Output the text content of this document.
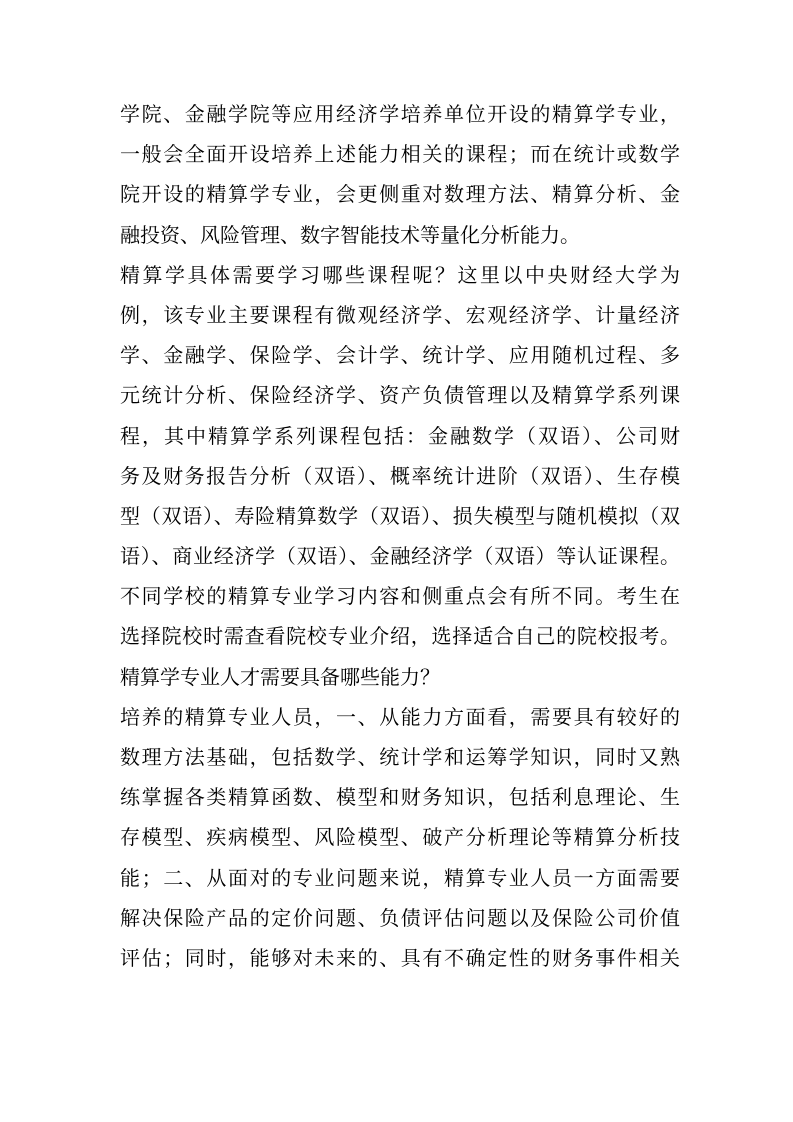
学院、金融学院等应用经济学培养单位开设的精算学专业，
一般会全面开设培养上述能力相关的课程；而在统计或数学
院开设的精算学专业，会更侧重对数理方法、精算分析、金
融投资、风险管理、数字智能技术等量化分析能力。
精算学具体需要学习哪些课程呢？这里以中央财经大学为
例，该专业主要课程有微观经济学、宏观经济学、计量经济
学、金融学、保险学、会计学、统计学、应用随机过程、多
元统计分析、保险经济学、资产负债管理以及精算学系列课
程，其中精算学系列课程包括：金融数学（双语）、公司财
务及财务报告分析（双语）、概率统计进阶（双语）、生存模
型（双语）、寿险精算数学（双语）、损失模型与随机模拟（双
语）、商业经济学（双语）、金融经济学（双语）等认证课程。
不同学校的精算专业学习内容和侧重点会有所不同。考生在
选择院校时需查看院校专业介绍，选择适合自己的院校报考。
精算学专业人才需要具备哪些能力？
培养的精算专业人员，一、从能力方面看，需要具有较好的
数理方法基础，包括数学、统计学和运筹学知识，同时又熟
练掌握各类精算函数、模型和财务知识，包括利息理论、生
存模型、疾病模型、风险模型、破产分析理论等精算分析技
能；二、从面对的专业问题来说，精算专业人员一方面需要
解决保险产品的定价问题、负债评估问题以及保险公司价值
评估；同时，能够对未来的、具有不确定性的财务事件相关
